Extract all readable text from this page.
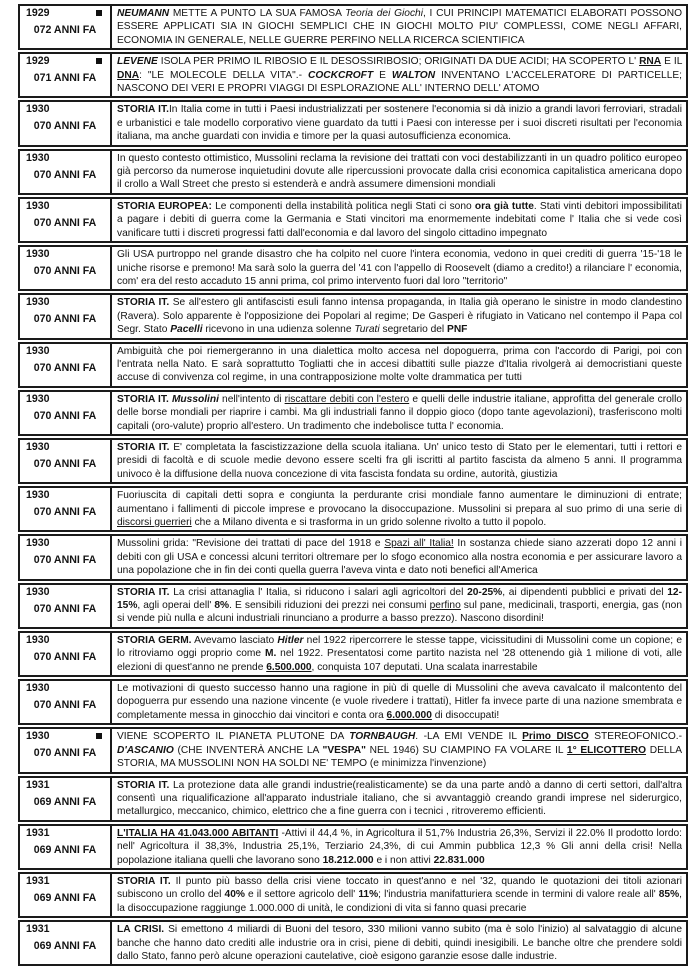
1929
072 ANNI FA
NEUMANN METTE A PUNTO LA SUA FAMOSA Teoria dei Giochi, I CUI PRINCIPI MATEMATICI ELABORATI POSSONO ESSERE APPLICATI SIA IN GIOCHI SEMPLICI CHE IN GIOCHI MOLTO PIU' COMPLESSI, COME NEGLI AFFARI, ECONOMIA IN GENERALE, NELLE GUERRE PERFINO NELLA RICERCA SCIENTIFICA
1929
071 ANNI FA
LEVENE ISOLA PER PRIMO IL RIBOSIO E IL DESOSSIRIBOSIO; ORIGINATI DA DUE ACIDI; HA SCOPERTO L' RNA E IL DNA: "LE MOLECOLE DELLA VITA".- COCKCROFT E WALTON INVENTANO L'ACCELERATORE DI PARTICELLE; NASCONO DEI VERI E PROPRI VIAGGI DI ESPLORAZIONE ALL' INTERNO DELL' ATOMO
1930
070 ANNI FA
STORIA IT.In Italia come in tutti i Paesi industrializzati per sostenere l'economia si dà inizio a grandi lavori ferroviari, stradali e urbanistici e tale modello corporativo viene guardato da tutti i Paesi con interesse per i suoi discreti risultati per l'economia italiana, ma anche guardati con invidia e timore per la quasi autosufficienza economica.
1930
070 ANNI FA
In questo contesto ottimistico, Mussolini reclama la revisione dei trattati con voci destabilizzanti in un quadro politico europeo già percorso da numerose inquietudini dovute alle ripercussioni provocate dalla crisi economica capitalistica americana dopo il crollo a Wall Street che presto si estenderà e andrà assumere dimensioni mondiali
1930
070 ANNI FA
STORIA EUROPEA: Le componenti della instabilità politica negli Stati ci sono ora già tutte. Stati vinti debitori impossibilitati a pagare i debiti di guerra come la Germania e Stati vincitori ma enormemente indebitati come l' Italia che si vede così vanificare tutti i discreti progressi fatti dall'economia e dal lavoro del singolo cittadino impegnato
1930
070 ANNI FA
Gli USA purtroppo nel grande disastro che ha colpito nel cuore l'intera economia, vedono in quei crediti di guerra '15-'18 le uniche risorse e premono! Ma sarà solo la guerra del '41 con l'appello di Roosevelt (diamo a credito!) a rilanciare l' economia, com' era del resto accaduto 15 anni prima, col primo intervento fuori dal loro "territorio"
1930
070 ANNI FA
STORIA IT. Se all'estero gli antifascisti esuli fanno intensa propaganda, in Italia già operano le sinistre in modo clandestino (Ravera). Solo apparente è l'opposizione dei Popolari al regime; De Gasperi è rifugiato in Vaticano nel contempo il Papa col Segr. Stato Pacelli ricevono in una udienza solenne Turati segretario del PNF
1930
070 ANNI FA
Ambiguità che poi riemergeranno in una dialettica molto accesa nel dopoguerra, prima con l'accordo di Parigi, poi con l'entrata nella Nato. E sarà soprattutto Togliatti che in accesi dibattiti sulle piazze d'Italia rivolgerà ai democristiani queste accuse di convivenza col regime, in una contrapposizione molte volte drammatica per tutti
1930
070 ANNI FA
STORIA IT. Mussolini nell'intento di riscattare debiti con l'estero e quelli delle industrie italiane, approfitta del generale crollo delle borse mondiali per riaprire i cambi. Ma gli industriali fanno il doppio gioco (dopo tante agevolazioni), trasferiscono molti capitali (oro-valute) proprio all'estero. Un tradimento che indebolisce tutta l' economia.
1930
070 ANNI FA
STORIA IT. E' completata la fascistizzazione della scuola italiana. Un' unico testo di Stato per le elementari, tutti i rettori e presidi di facoltà e di scuole medie devono essere scelti fra gli iscritti al partito fascista da almeno 5 anni. Il programma univoco è la diffusione della nuova concezione di vita fascista fondata su ordine, autorità, giustizia
1930
070 ANNI FA
Fuoriuscita di capitali detti sopra e congiunta la perdurante crisi mondiale fanno aumentare le diminuzioni di entrate; aumentano i fallimenti di piccole imprese e provocano la disoccupazione. Mussolini si prepara al suo primo di una serie di discorsi guerrieri che a Milano diventa e si trasforma in un grido solenne rivolto a tutto il popolo.
1930
070 ANNI FA
Mussolini grida: "Revisione dei trattati di pace del 1918 e Spazi all' Italia! In sostanza chiede siano azzerati dopo 12 anni i debiti con gli USA e concessi alcuni territori oltremare per lo sfogo economico alla nostra economia e per assicurare lavoro a una popolazione che in fin dei conti quella guerra l'aveva vinta e dato noti benefici all'America
1930
070 ANNI FA
STORIA IT. La crisi attanaglia l' Italia, si riducono i salari agli agricoltori del 20-25%, ai dipendenti pubblici e privati del 12-15%, agli operai dell' 8%. E sensibili riduzioni dei prezzi nei consumi perfino sul pane, medicinali, trasporti, energia, gas (non si vende più nulla e alcuni industriali rinunciano a produrre a basso prezzo). Nascono disordini!
1930
070 ANNI FA
STORIA GERM. Avevamo lasciato Hitler nel 1922 ripercorrere le stesse tappe, vicissitudini di Mussolini come un copione; e lo ritroviamo oggi proprio come M. nel 1922. Presentatosi come partito nazista nel '28 ottenendo già 1 milione di voti, alle elezioni di quest'anno ne prende 6.500.000, conquista 107 deputati. Una scalata inarrestabile
1930
070 ANNI FA
Le motivazioni di questo successo hanno una ragione in più di quelle di Mussolini che aveva cavalcato il malcontento del dopoguerra pur essendo una nazione vincente (e vuole rivedere i trattati), Hitler fa invece parte di una nazione smembrata e completamente messa in ginocchio dai vincitori e conta ora 6.000.000 di disoccupati!
1930
070 ANNI FA
VIENE SCOPERTO IL PIANETA PLUTONE DA TORNBAUGH. -LA EMI VENDE IL Primo DISCO STEREOFONICO.- D'ASCANIO (CHE INVENTERÀ ANCHE LA "VESPA" NEL 1946) SU CIAMPINO FA VOLARE IL 1° ELICOTTERO DELLA STORIA, MA MUSSOLINI NON HA SOLDI NE' TEMPO (e minimizza l'invenzione)
1931
069 ANNI FA
STORIA IT. La protezione data alle grandi industrie(realisticamente) se da una parte andò a danno di certi settori, dall'altra consentì una riqualificazione all'apparato industriale italiano, che si avvantaggiò creando grandi imprese nel siderurgico, metallurgico, meccanico, chimico, elettrico che a fine guerra con i tecnici , ritroveremo efficienti.
1931
069 ANNI FA
L'ITALIA HA 41.043.000 ABITANTI -Attivi il 44,4 %, in Agricoltura il 51,7% Industria 26,3%, Servizi il 22.0% Il prodotto lordo: nell' Agricoltura il 38,3%, Industria 25,1%, Terziario 24,3%, di cui Ammin pubblica 12,3 % Gli anni della crisi! Nella popolazione italiana quelli che lavorano sono 18.212.000 e i non attivi 22.831.000
1931
069 ANNI FA
STORIA IT. Il punto più basso della crisi viene toccato in quest'anno e nel '32, quando le quotazioni dei titoli azionari subiscono un crollo del 40% e il settore agricolo dell' 11%; l'industria manifatturiera scende in termini di valore reale all' 85%, la disoccupazione raggiunge 1.000.000 di unità, le condizioni di vita si fanno quasi precarie
1931
069 ANNI FA
LA CRISI. Si emettono 4 miliardi di Buoni del tesoro, 330 milioni vanno subito (ma è solo l'inizio) al salvataggio di alcune banche che hanno dato crediti alle industrie ora in crisi, piene di debiti, quindi inesigibili. Le banche oltre che prendere soldi dallo Stato, fanno però alcune operazioni cautelative, cioè esigono garanzie esose dalle industrie.
